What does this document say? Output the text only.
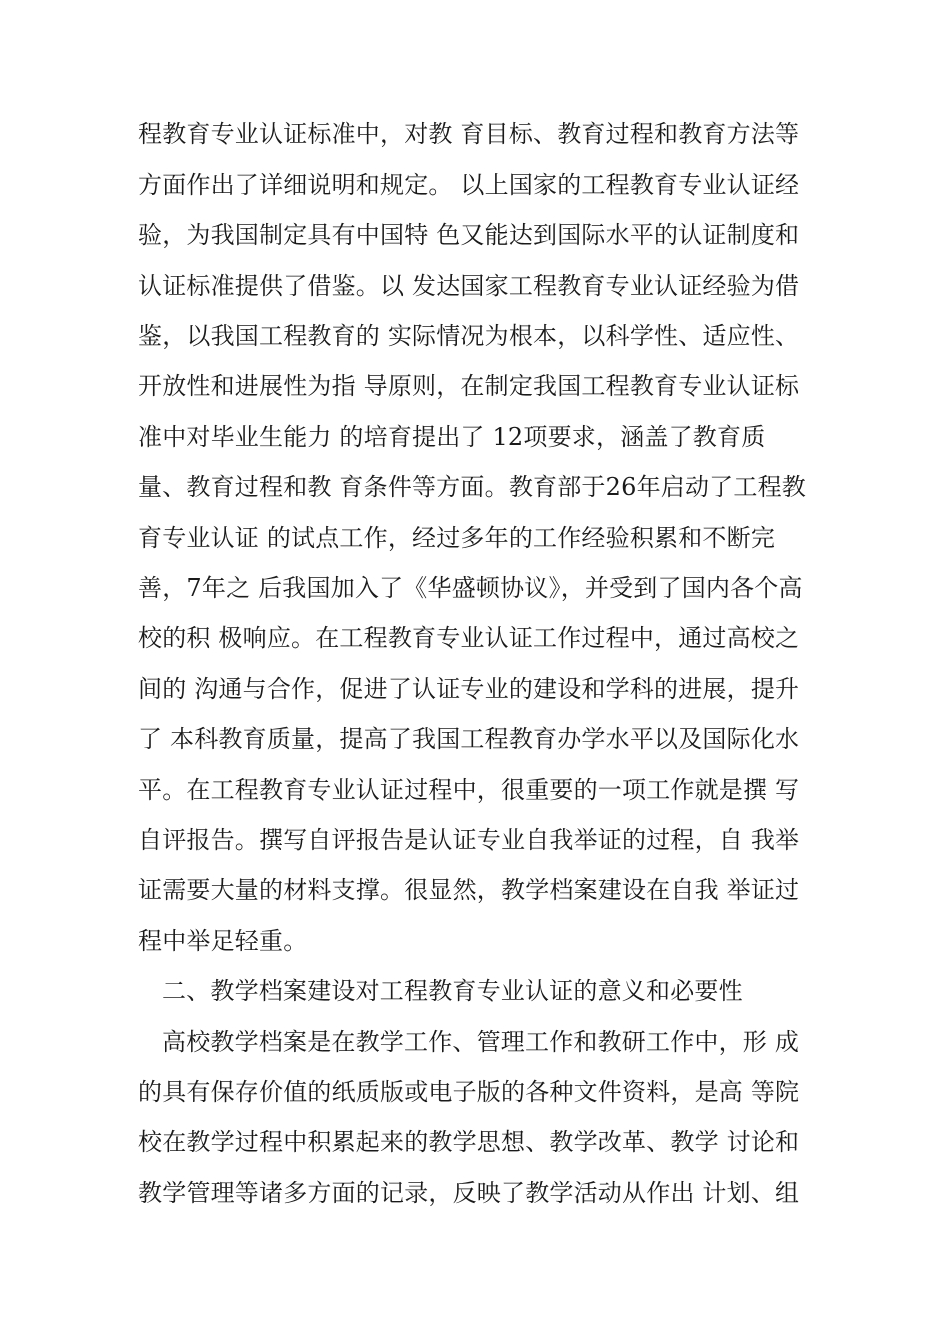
程教育专业认证标准中，对教 育目标、教育过程和教育方法等
方面作出了详细说明和规定。 以上国家的工程教育专业认证经
验，为我国制定具有中国特 色又能达到国际水平的认证制度和
认证标准提供了借鉴。以 发达国家工程教育专业认证经验为借
鉴，以我国工程教育的 实际情况为根本，以科学性、适应性、
开放性和进展性为指 导原则，在制定我国工程教育专业认证标
准中对毕业生能力 的培育提出了 12项要求，涵盖了教育质
量、教育过程和教 育条件等方面。教育部于26年启动了工程教
育专业认证 的试点工作，经过多年的工作经验积累和不断完
善，7年之 后我国加入了《华盛顿协议》，并受到了国内各个高
校的积 极响应。在工程教育专业认证工作过程中，通过高校之
间的 沟通与合作，促进了认证专业的建设和学科的进展，提升
了 本科教育质量，提高了我国工程教育办学水平以及国际化水
平。在工程教育专业认证过程中，很重要的一项工作就是撰 写
自评报告。撰写自评报告是认证专业自我举证的过程，自 我举
证需要大量的材料支撑。很显然，教学档案建设在自我 举证过
程中举足轻重。
二、教学档案建设对工程教育专业认证的意义和必要性
高校教学档案是在教学工作、管理工作和教研工作中，形 成
的具有保存价值的纸质版或电子版的各种文件资料，是高 等院
校在教学过程中积累起来的教学思想、教学改革、教学 讨论和
教学管理等诸多方面的记录，反映了教学活动从作出 计划、组
